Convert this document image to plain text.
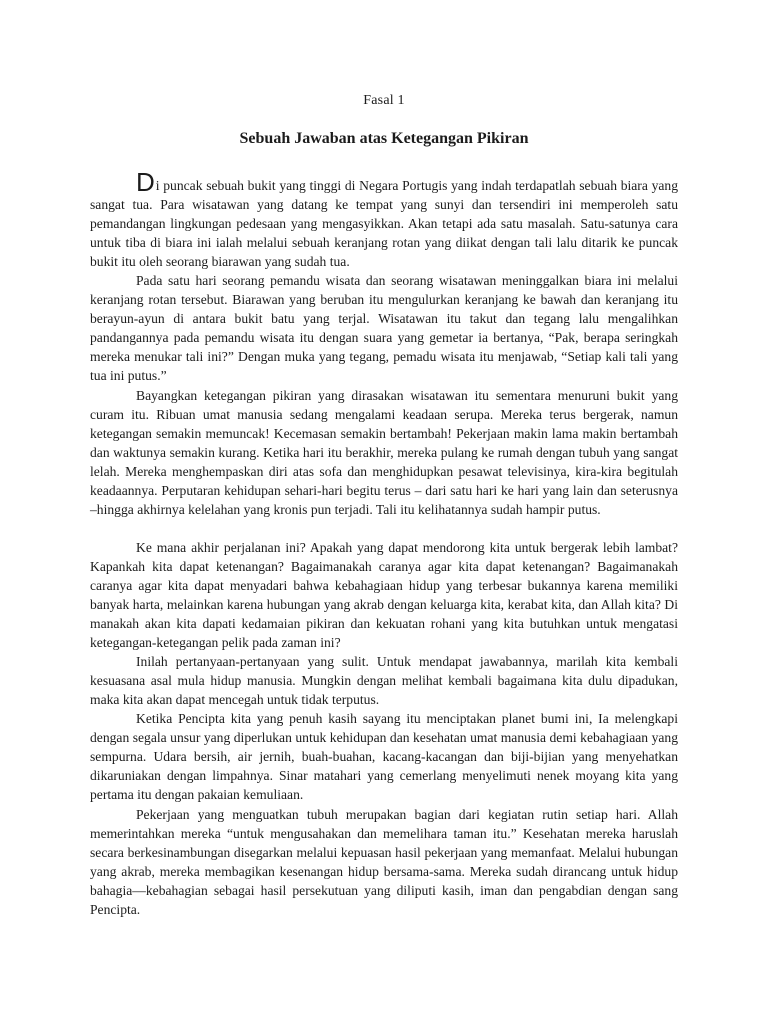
Fasal 1
Sebuah Jawaban atas Ketegangan Pikiran

Di puncak sebuah bukit yang tinggi di Negara Portugis yang indah terdapatlah sebuah biara yang sangat tua. Para wisatawan yang datang ke tempat yang sunyi dan tersendiri ini memperoleh satu pemandangan lingkungan pedesaan yang mengasyikkan. Akan tetapi ada satu masalah. Satu-satunya cara untuk tiba di biara ini ialah melalui sebuah keranjang rotan yang diikat dengan tali lalu ditarik ke puncak bukit itu oleh seorang biarawan yang sudah tua.

Pada satu hari seorang pemandu wisata dan seorang wisatawan meninggalkan biara ini melalui keranjang rotan tersebut. Biarawan yang beruban itu mengulurkan keranjang ke bawah dan keranjang itu berayun-ayun di antara bukit batu yang terjal. Wisatawan itu takut dan tegang lalu mengalihkan pandangannya pada pemandu wisata itu dengan suara yang gemetar ia bertanya, “Pak, berapa seringkah mereka menukar tali ini?” Dengan muka yang tegang, pemadu wisata itu menjawab, “Setiap kali tali yang tua ini putus.”

Bayangkan ketegangan pikiran yang dirasakan wisatawan itu sementara menuruni bukit yang curam itu. Ribuan umat manusia sedang mengalami keadaan serupa. Mereka terus bergerak, namun ketegangan semakin memuncak! Kecemasan semakin bertambah! Pekerjaan makin lama makin bertambah dan waktunya semakin kurang. Ketika hari itu berakhir, mereka pulang ke rumah dengan tubuh yang sangat lelah. Mereka menghempaskan diri atas sofa dan menghidupkan pesawat televisinya, kira-kira begitulah keadaannya. Perputaran kehidupan sehari-hari begitu terus – dari satu hari ke hari yang lain dan seterusnya –hingga akhirnya kelelahan yang kronis pun terjadi. Tali itu kelihatannya sudah hampir putus.

Ke mana akhir perjalanan ini? Apakah yang dapat mendorong kita untuk bergerak lebih lambat? Kapankah kita dapat ketenangan? Bagaimanakah caranya agar kita dapat ketenangan? Bagaimanakah caranya agar kita dapat menyadari bahwa kebahagiaan hidup yang terbesar bukannya karena memiliki banyak harta, melainkan karena hubungan yang akrab dengan keluarga kita, kerabat kita, dan Allah kita? Di manakah akan kita dapati kedamaian pikiran dan kekuatan rohani yang kita butuhkan untuk mengatasi ketegangan-ketegangan pelik pada zaman ini?

Inilah pertanyaan-pertanyaan yang sulit. Untuk mendapat jawabannya, marilah kita kembali kesuasana asal mula hidup manusia. Mungkin dengan melihat kembali bagaimana kita dulu dipadukan, maka kita akan dapat mencegah untuk tidak terputus.

Ketika Pencipta kita yang penuh kasih sayang itu menciptakan planet bumi ini, Ia melengkapi dengan segala unsur yang diperlukan untuk kehidupan dan kesehatan umat manusia demi kebahagiaan yang sempurna. Udara bersih, air jernih, buah-buahan, kacang-kacangan dan biji-bijian yang menyehatkan dikaruniakan dengan limpahnya. Sinar matahari yang cemerlang menyelimuti nenek moyang kita yang pertama itu dengan pakaian kemuliaan.

Pekerjaan yang menguatkan tubuh merupakan bagian dari kegiatan rutin setiap hari. Allah memerintahkan mereka “untuk mengusahakan dan memelihara taman itu.” Kesehatan mereka haruslah secara berkesinambungan disegarkan melalui kepuasan hasil pekerjaan yang memanfaat. Melalui hubungan yang akrab, mereka membagikan kesenangan hidup bersama-sama. Mereka sudah dirancang untuk hidup bahagia—kebahagian sebagai hasil persekutuan yang diliputi kasih, iman dan pengabdian dengan sang Pencipta.
